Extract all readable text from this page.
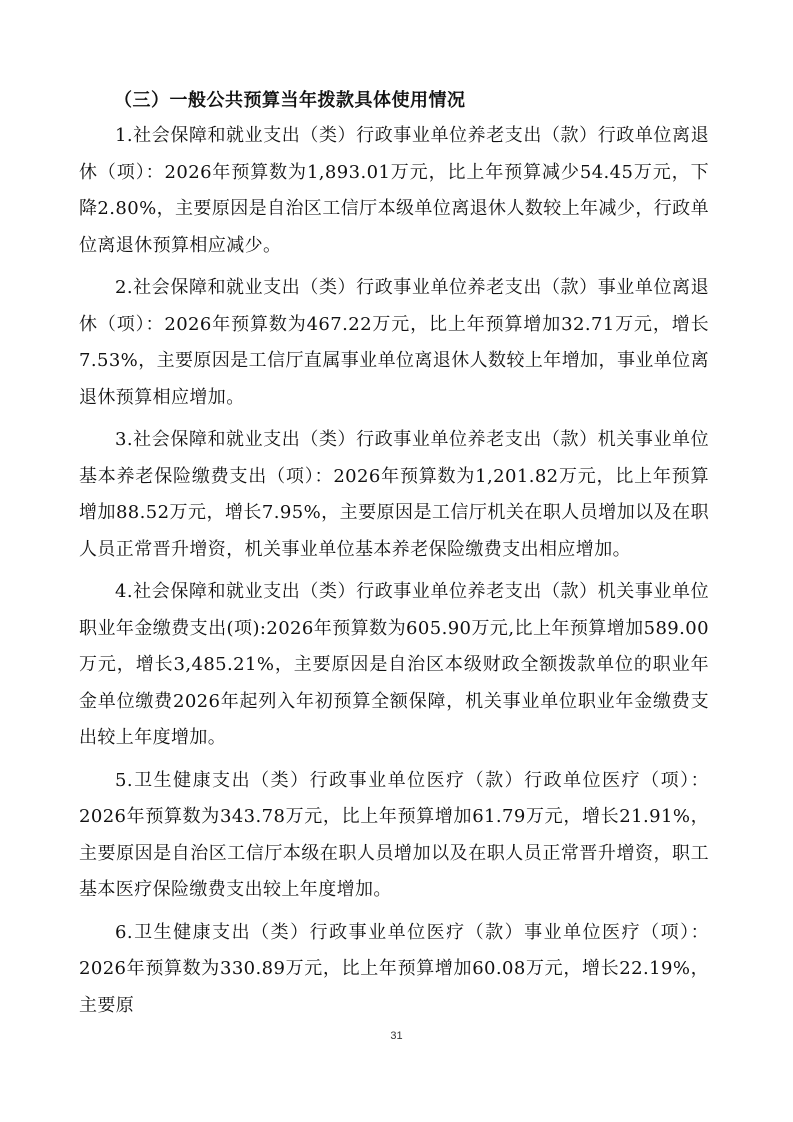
（三）一般公共预算当年拨款具体使用情况

1.社会保障和就业支出（类）行政事业单位养老支出（款）行政单位离退休（项）：2026年预算数为1,893.01万元，比上年预算减少54.45万元，下降2.80%，主要原因是自治区工信厅本级单位离退休人数较上年减少，行政单位离退休预算相应减少。

2.社会保障和就业支出（类）行政事业单位养老支出（款）事业单位离退休（项）：2026年预算数为467.22万元，比上年预算增加32.71万元，增长7.53%，主要原因是工信厅直属事业单位离退休人数较上年增加，事业单位离退休预算相应增加。

3.社会保障和就业支出（类）行政事业单位养老支出（款）机关事业单位基本养老保险缴费支出（项）：2026年预算数为1,201.82万元，比上年预算增加88.52万元，增长7.95%，主要原因是工信厅机关在职人员增加以及在职人员正常晋升增资，机关事业单位基本养老保险缴费支出相应增加。

4.社会保障和就业支出（类）行政事业单位养老支出（款）机关事业单位职业年金缴费支出(项):2026年预算数为605.90万元,比上年预算增加589.00万元，增长3,485.21%，主要原因是自治区本级财政全额拨款单位的职业年金单位缴费2026年起列入年初预算全额保障，机关事业单位职业年金缴费支出较上年度增加。

5.卫生健康支出（类）行政事业单位医疗（款）行政单位医疗（项）：2026年预算数为343.78万元，比上年预算增加61.79万元，增长21.91%，主要原因是自治区工信厅本级在职人员增加以及在职人员正常晋升增资，职工基本医疗保险缴费支出较上年度增加。

6.卫生健康支出（类）行政事业单位医疗（款）事业单位医疗（项）：2026年预算数为330.89万元，比上年预算增加60.08万元，增长22.19%，主要原

31
